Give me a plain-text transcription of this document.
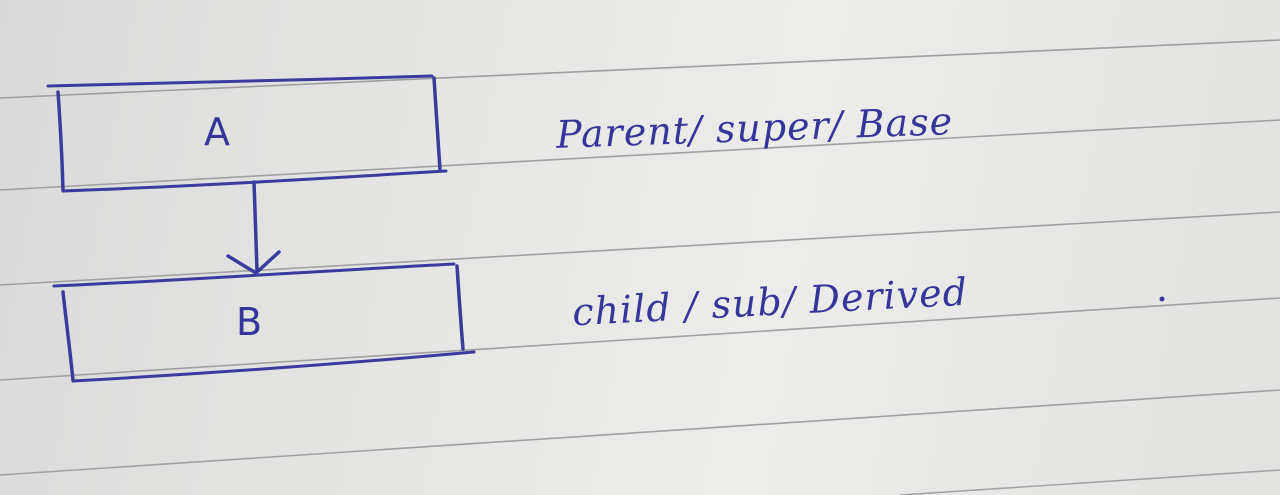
A
B
Parent/ super/ Base
child / sub/ Derived
